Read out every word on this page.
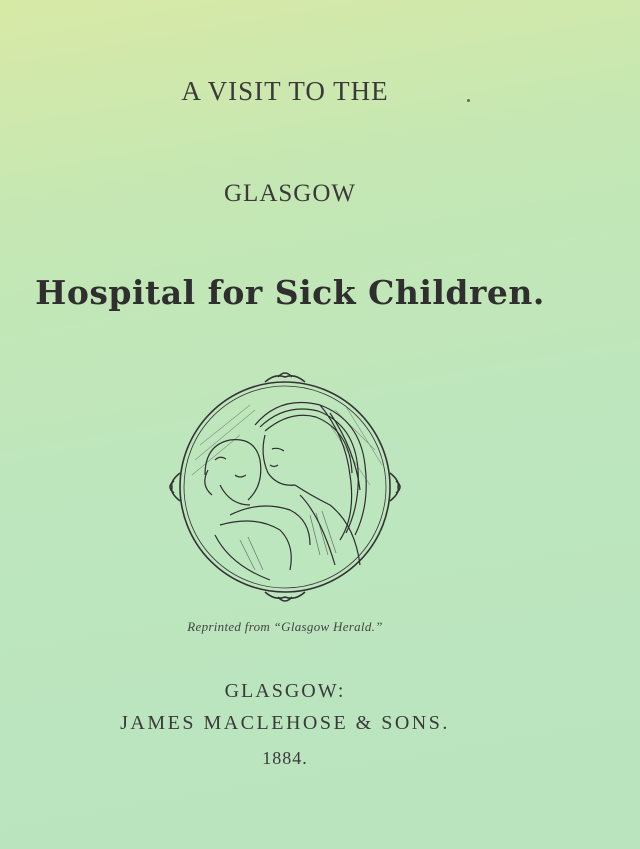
A VISIT TO THE
GLASGOW
Hospital for Sick Children.
Reprinted from “Glasgow Herald.”
GLASGOW:
JAMES MACLEHOSE & SONS.
1884.
